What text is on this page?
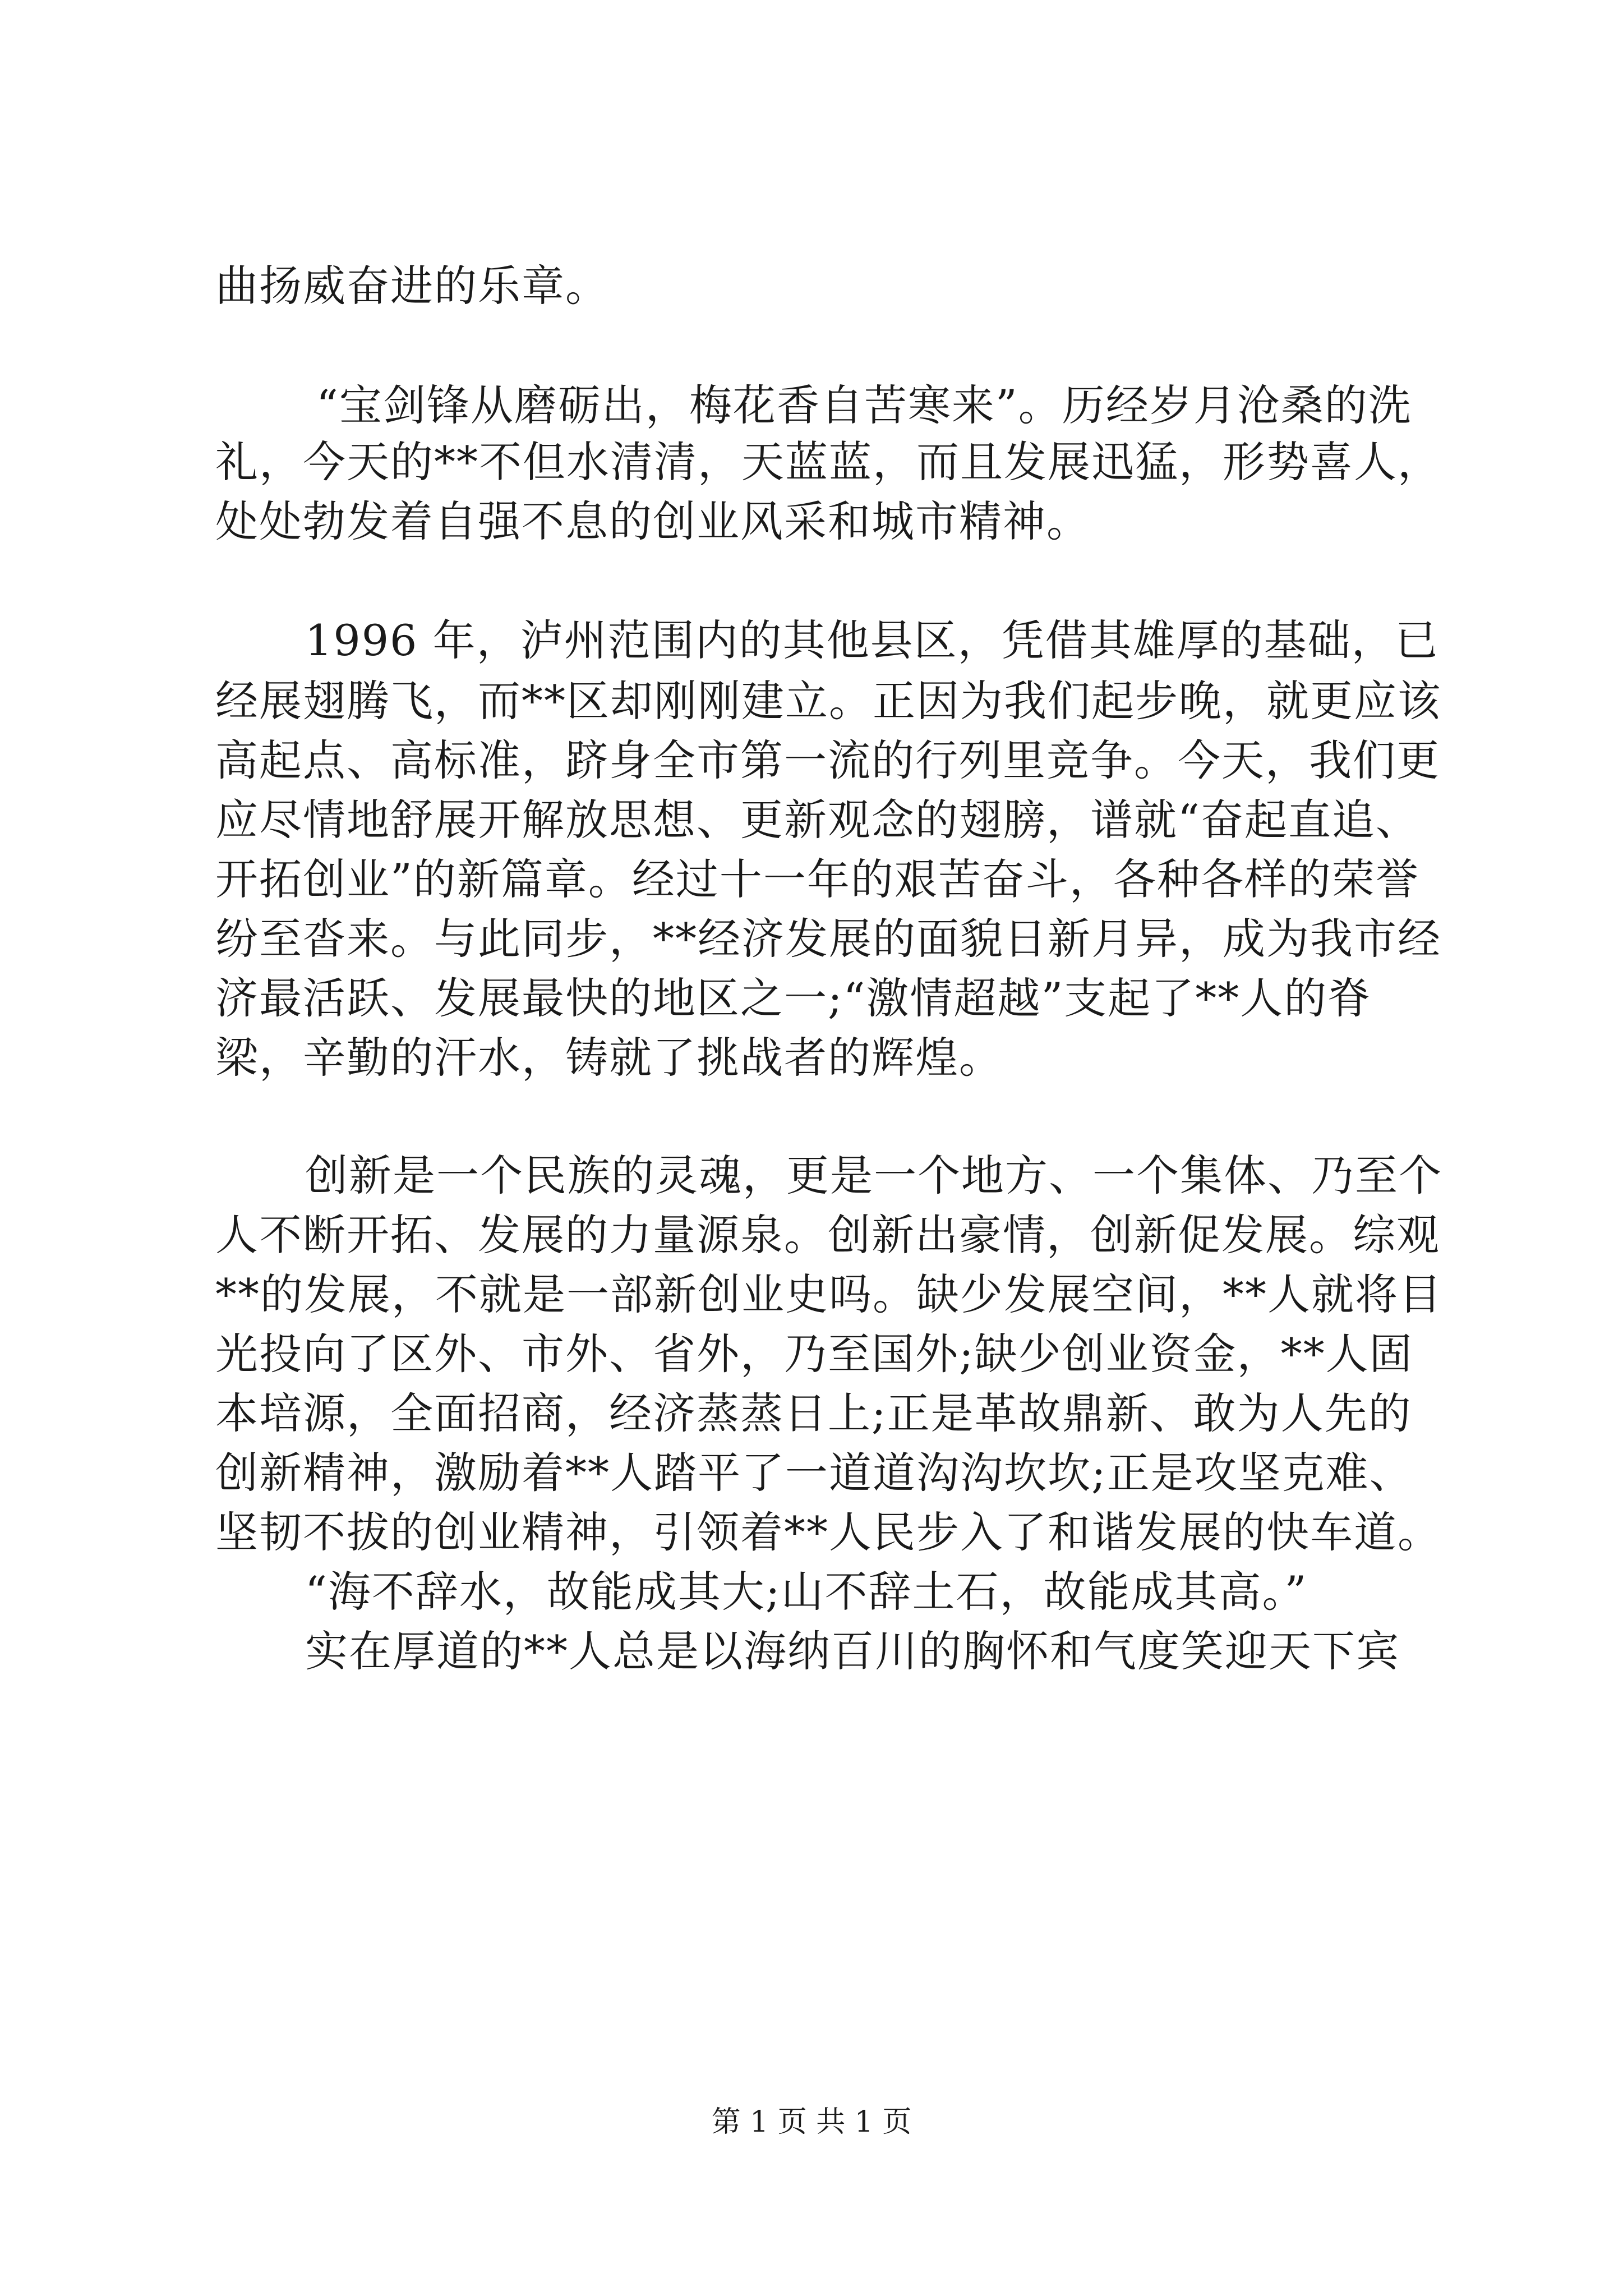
曲扬威奋进的乐章。
“宝剑锋从磨砺出，梅花香自苦寒来”。历经岁月沧桑的洗
礼，今天的**不但水清清，天蓝蓝，而且发展迅猛，形势喜人，
处处勃发着自强不息的创业风采和城市精神。
1996 年，泸州范围内的其他县区，凭借其雄厚的基础，已
经展翅腾飞，而**区却刚刚建立。正因为我们起步晚，就更应该
高起点、高标准，跻身全市第一流的行列里竞争。今天，我们更
应尽情地舒展开解放思想、更新观念的翅膀，谱就“奋起直追、
开拓创业”的新篇章。经过十一年的艰苦奋斗，各种各样的荣誉
纷至沓来。与此同步，**经济发展的面貌日新月异，成为我市经
济最活跃、发展最快的地区之一;“激情超越”支起了**人的脊
梁，辛勤的汗水，铸就了挑战者的辉煌。
创新是一个民族的灵魂，更是一个地方、一个集体、乃至个
人不断开拓、发展的力量源泉。创新出豪情，创新促发展。综观
**的发展，不就是一部新创业史吗。缺少发展空间，**人就将目
光投向了区外、市外、省外，乃至国外;缺少创业资金，**人固
本培源，全面招商，经济蒸蒸日上;正是革故鼎新、敢为人先的
创新精神，激励着**人踏平了一道道沟沟坎坎;正是攻坚克难、
坚韧不拔的创业精神，引领着**人民步入了和谐发展的快车道。
“海不辞水，故能成其大;山不辞土石，故能成其高。”
实在厚道的**人总是以海纳百川的胸怀和气度笑迎天下宾
第 1 页 共 1 页
